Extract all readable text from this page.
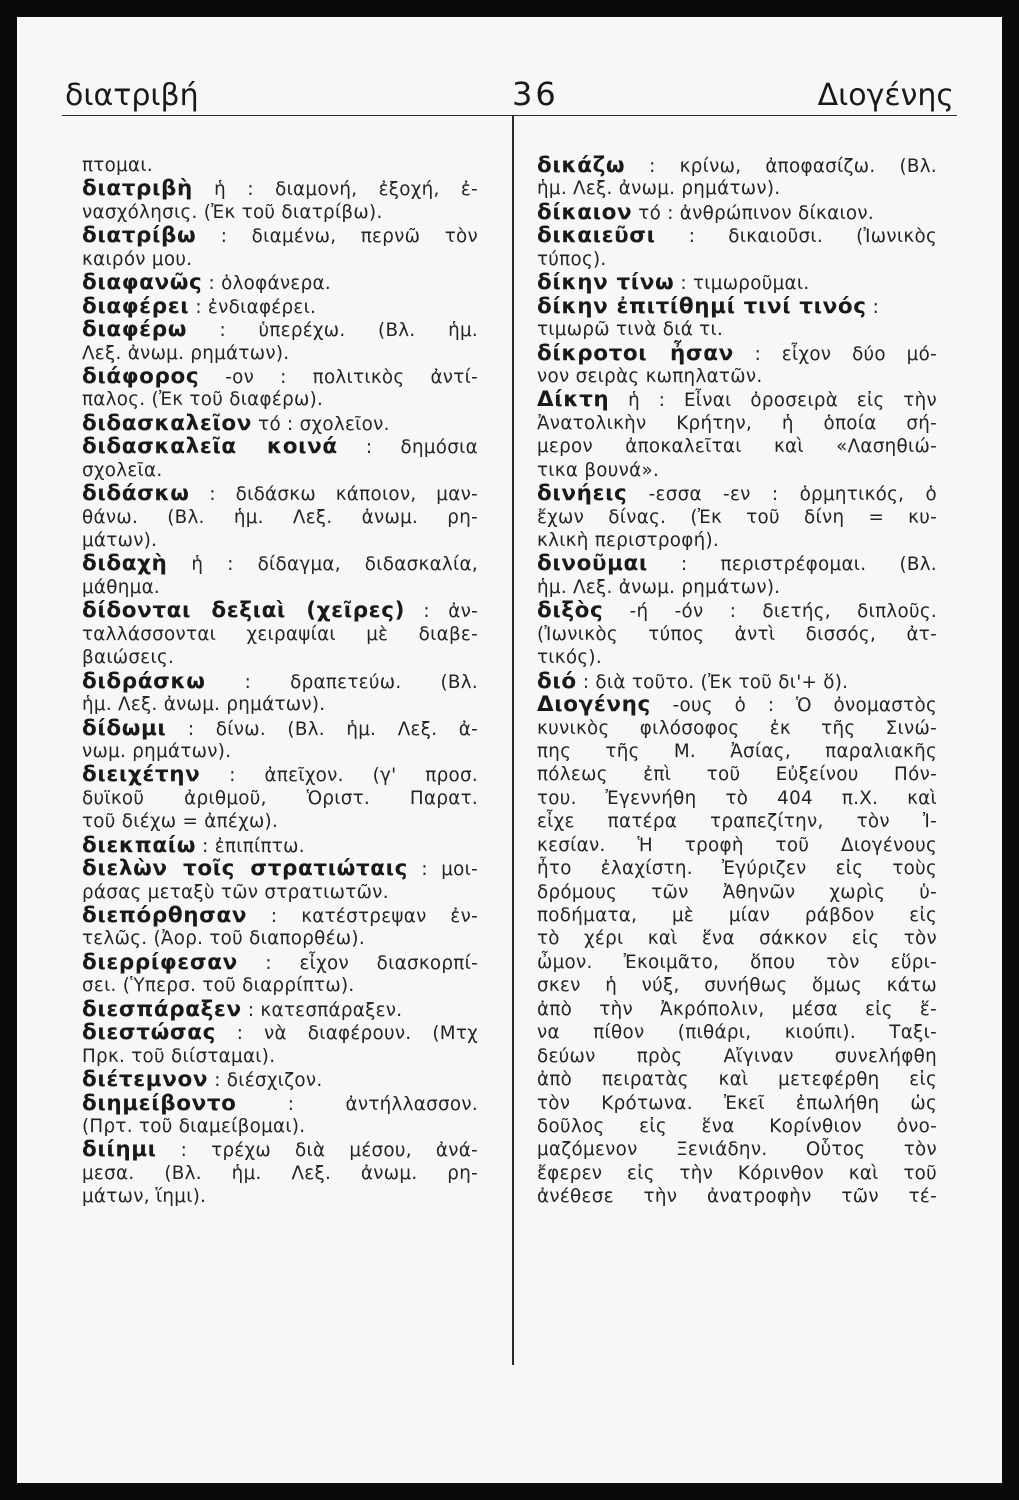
διατριβή	36	Διογένης
πτομαι.
διατριβὴ ἡ : διαμονή, ἐξοχή, ἐ-
νασχόλησις. (Ἐκ τοῦ διατρίβω).
διατρίβω : διαμένω, περνῶ τὸν
καιρόν μου.
διαφανῶς : ὁλοφάνερα.
διαφέρει : ἐνδιαφέρει.
διαφέρω : ὑπερέχω. (Βλ. ἡμ.
Λεξ. ἀνωμ. ρημάτων).
διάφορος -ον : πολιτικὸς ἀντί-
παλος. (Ἐκ τοῦ διαφέρω).
διδασκαλεῖον τό : σχολεῖον.
διδασκαλεῖα κοινά : δημόσια
σχολεῖα.
διδάσκω : διδάσκω κάποιον, μαν-
θάνω. (Βλ. ἡμ. Λεξ. ἀνωμ. ρη-
μάτων).
διδαχὴ ἡ : δίδαγμα, διδασκαλία,
μάθημα.
δίδονται δεξιαὶ (χεῖρες) : ἀν-
ταλλάσσονται χειραψίαι μὲ διαβε-
βαιώσεις.
διδράσκω : δραπετεύω. (Βλ.
ἡμ. Λεξ. ἀνωμ. ρημάτων).
δίδωμι : δίνω. (Βλ. ἡμ. Λεξ. ἀ-
νωμ. ρημάτων).
διειχέτην : ἀπεῖχον. (γ' προσ.
δυϊκοῦ ἀριθμοῦ, Ὁριστ. Παρατ.
τοῦ διέχω = ἀπέχω).
διεκπαίω : ἐπιπίπτω.
διελὼν τοῖς στρατιώταις : μοι-
ράσας μεταξὺ τῶν στρατιωτῶν.
διεπόρθησαν : κατέστρεψαν ἐν-
τελῶς. (Ἀορ. τοῦ διαπορθέω).
διερρίφεσαν : εἶχον διασκορπί-
σει. (Ὑπερσ. τοῦ διαρρίπτω).
διεσπάραξεν : κατεσπάραξεν.
διεστώσας : νὰ διαφέρουν. (Μτχ
Πρκ. τοῦ διίσταμαι).
διέτεμνον : διέσχιζον.
διημείβοντο : ἀντήλλασσον.
(Πρτ. τοῦ διαμείβομαι).
διίημι : τρέχω διὰ μέσου, ἀνά-
μεσα. (Βλ. ἡμ. Λεξ. ἀνωμ. ρη-
μάτων, ἵημι).
δικάζω : κρίνω, ἀποφασίζω. (Βλ.
ἡμ. Λεξ. ἀνωμ. ρημάτων).
δίκαιον τό : ἀνθρώπινον δίκαιον.
δικαιεῦσι : δικαιοῦσι. (Ἰωνικὸς
τύπος).
δίκην τίνω : τιμωροῦμαι.
δίκην ἐπιτίθημί τινί τινός :
τιμωρῶ τινὰ διά τι.
δίκροτοι ἦσαν : εἶχον δύο μό-
νον σειρὰς κωπηλατῶν.
Δίκτη ἡ : Εἶναι ὀροσειρὰ εἰς τὴν
Ἀνατολικὴν Κρήτην, ἡ ὁποία σή-
μερον ἀποκαλεῖται καὶ «Λασηθιώ-
τικα βουνά».
δινήεις -εσσα -εν : ὁρμητικός, ὁ
ἔχων δίνας. (Ἐκ τοῦ δίνη = κυ-
κλικὴ περιστροφή).
δινοῦμαι : περιστρέφομαι. (Βλ.
ἡμ. Λεξ. ἀνωμ. ρημάτων).
διξὸς -ή -όν : διετής, διπλοῦς.
(Ἰωνικὸς τύπος ἀντὶ δισσός, ἀτ-
τικός).
διό : διὰ τοῦτο. (Ἐκ τοῦ δι'+ ὅ).
Διογένης -ους ὁ : Ὁ ὀνομαστὸς
κυνικὸς φιλόσοφος ἐκ τῆς Σινώ-
πης τῆς Μ. Ἀσίας, παραλιακῆς
πόλεως ἐπὶ τοῦ Εὐξείνου Πόν-
του. Ἐγεννήθη τὸ 404 π.Χ. καὶ
εἶχε πατέρα τραπεζίτην, τὸν Ἰ-
κεσίαν. Ἡ τροφὴ τοῦ Διογένους
ἦτο ἐλαχίστη. Ἐγύριζεν εἰς τοὺς
δρόμους τῶν Ἀθηνῶν χωρὶς ὑ-
ποδήματα, μὲ μίαν ράβδον εἰς
τὸ χέρι καὶ ἕνα σάκκον εἰς τὸν
ὦμον. Ἐκοιμᾶτο, ὅπου τὸν εὕρι-
σκεν ἡ νύξ, συνήθως ὅμως κάτω
ἀπὸ τὴν Ἀκρόπολιν, μέσα εἰς ἕ-
να πίθον (πιθάρι, κιούπι). Ταξι-
δεύων πρὸς Αἴγιναν συνελήφθη
ἀπὸ πειρατὰς καὶ μετεφέρθη εἰς
τὸν Κρότωνα. Ἐκεῖ ἐπωλήθη ὡς
δοῦλος εἰς ἕνα Κορίνθιον ὀνο-
μαζόμενον Ξενιάδην. Οὗτος τὸν
ἔφερεν εἰς τὴν Κόρινθον καὶ τοῦ
ἀνέθεσε τὴν ἀνατροφὴν τῶν τέ-
